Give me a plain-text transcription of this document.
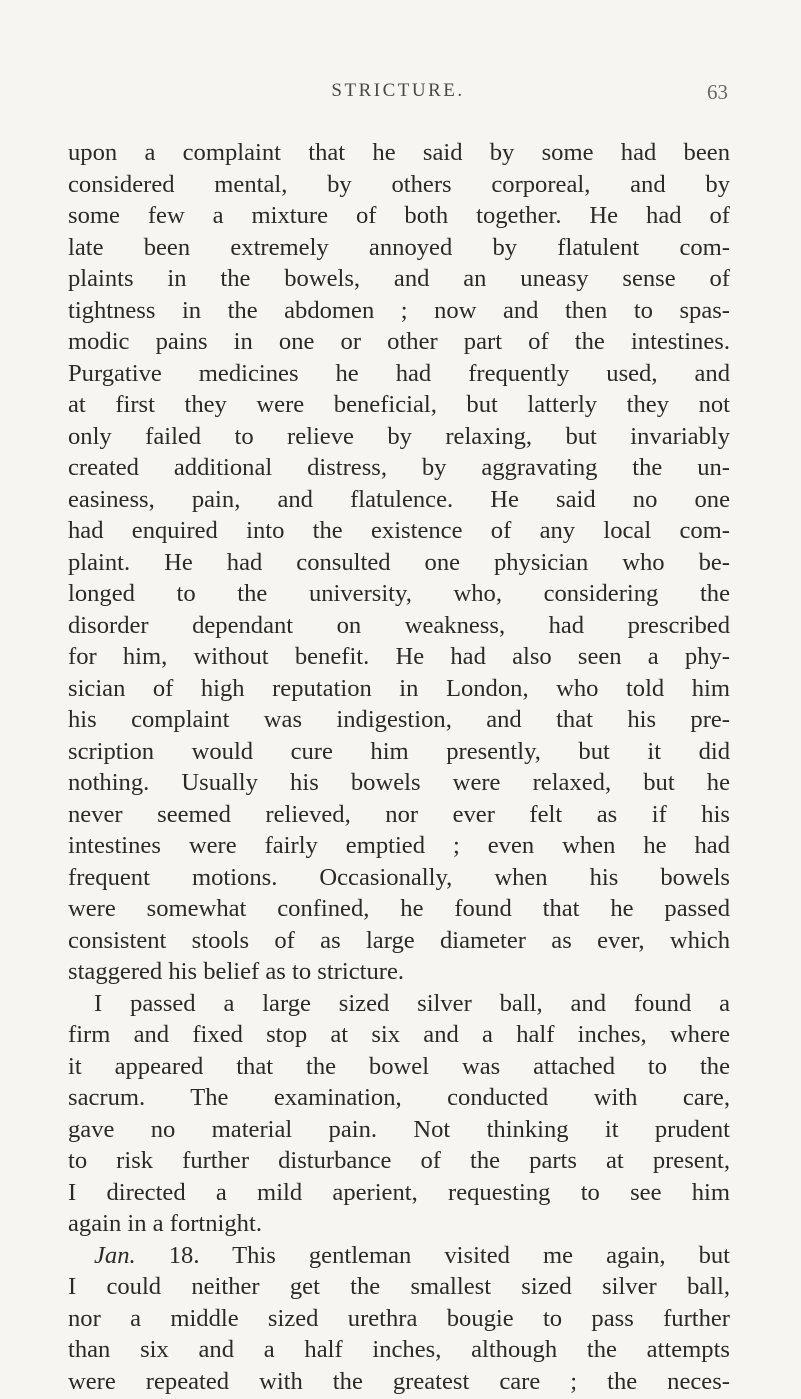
STRICTURE.	63
upon a complaint that he said by some had been
considered mental, by others corporeal, and by
some few a mixture of both together. He had of
late been extremely annoyed by flatulent com-
plaints in the bowels, and an uneasy sense of
tightness in the abdomen ; now and then to spas-
modic pains in one or other part of the intestines.
Purgative medicines he had frequently used, and
at first they were beneficial, but latterly they not
only failed to relieve by relaxing, but invariably
created additional distress, by aggravating the un-
easiness, pain, and flatulence. He said no one
had enquired into the existence of any local com-
plaint. He had consulted one physician who be-
longed to the university, who, considering the
disorder dependant on weakness, had prescribed
for him, without benefit. He had also seen a phy-
sician of high reputation in London, who told him
his complaint was indigestion, and that his pre-
scription would cure him presently, but it did
nothing. Usually his bowels were relaxed, but he
never seemed relieved, nor ever felt as if his
intestines were fairly emptied ; even when he had
frequent motions. Occasionally, when his bowels
were somewhat confined, he found that he passed
consistent stools of as large diameter as ever, which
staggered his belief as to stricture.
I passed a large sized silver ball, and found a
firm and fixed stop at six and a half inches, where
it appeared that the bowel was attached to the
sacrum. The examination, conducted with care,
gave no material pain. Not thinking it prudent
to risk further disturbance of the parts at present,
I directed a mild aperient, requesting to see him
again in a fortnight.
Jan. 18. This gentleman visited me again, but
I could neither get the smallest sized silver ball,
nor a middle sized urethra bougie to pass further
than six and a half inches, although the attempts
were repeated with the greatest care ; the neces-
